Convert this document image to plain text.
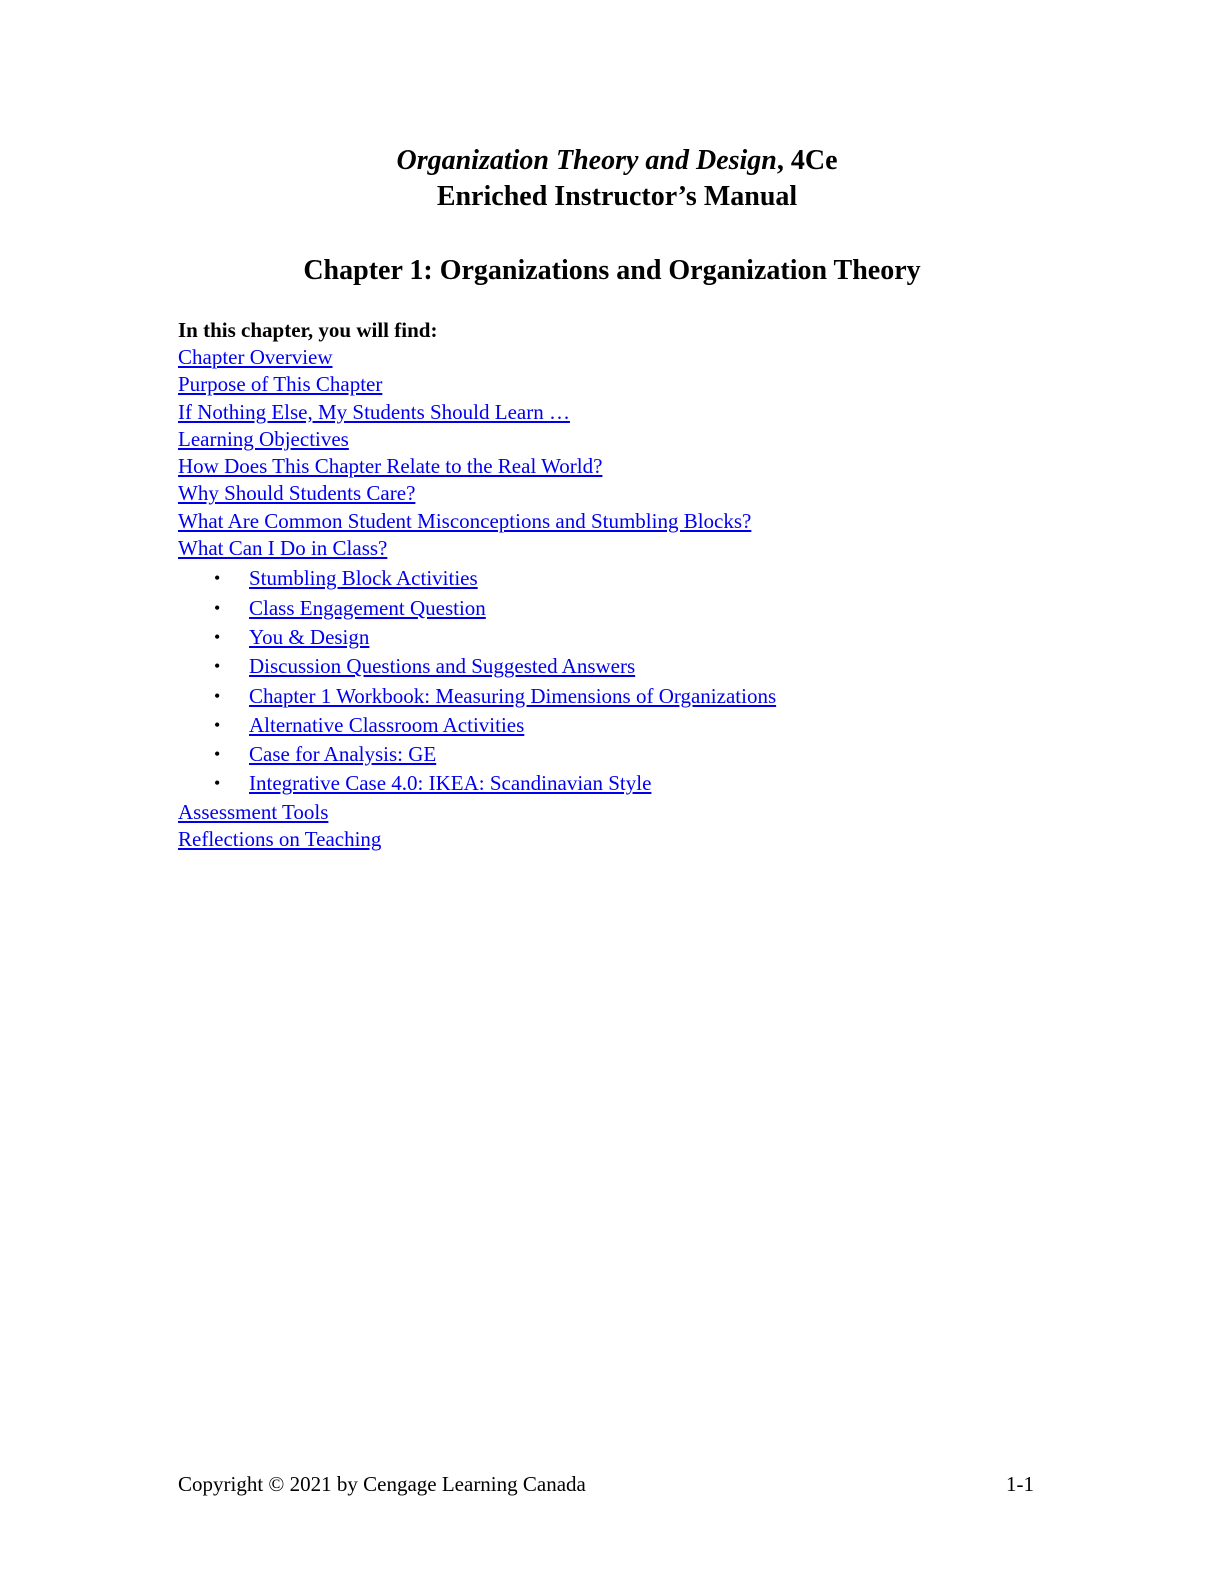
Organization Theory and Design, 4Ce

Enriched Instructor’s Manual

Chapter 1: Organizations and Organization Theory

In this chapter, you will find:

Chapter Overview
Purpose of This Chapter
If Nothing Else, My Students Should Learn …
Learning Objectives
How Does This Chapter Relate to the Real World?
Why Should Students Care?
What Are Common Student Misconceptions and Stumbling Blocks?
What Can I Do in Class?
• Stumbling Block Activities
• Class Engagement Question
• You & Design
• Discussion Questions and Suggested Answers
• Chapter 1 Workbook: Measuring Dimensions of Organizations
• Alternative Classroom Activities
• Case for Analysis: GE
• Integrative Case 4.0: IKEA: Scandinavian Style
Assessment Tools
Reflections on Teaching
Copyright © 2021 by Cengage Learning Canada	1-1
